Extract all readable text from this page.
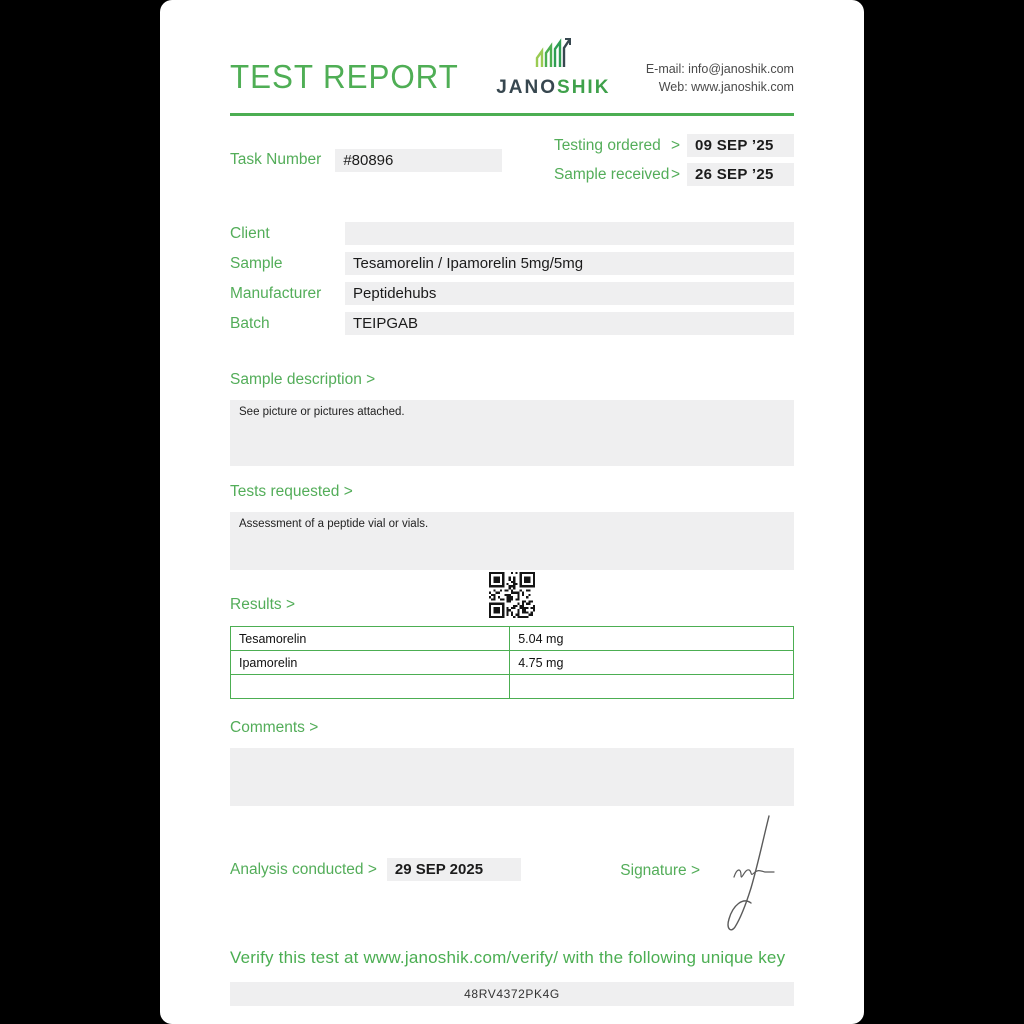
TEST REPORT JANOSHIK
E-mail: info@janoshik.com
Web: www.janoshik.com
Task Number	#80896
Testing ordered >	09 SEP ’25
Sample received >	26 SEP ’25
Client
Sample	Tesamorelin / Ipamorelin 5mg/5mg
Manufacturer	Peptidehubs
Batch	TEIPGAB
Sample description >
See picture or pictures attached.
Tests requested >
Assessment of a peptide vial or vials.
Results >
Tesamorelin	5.04 mg
Ipamorelin	4.75 mg

Comments >
Analysis conducted >	29 SEP 2025	Signature >
Verify this test at www.janoshik.com/verify/ with the following unique key
48RV4372PK4G
